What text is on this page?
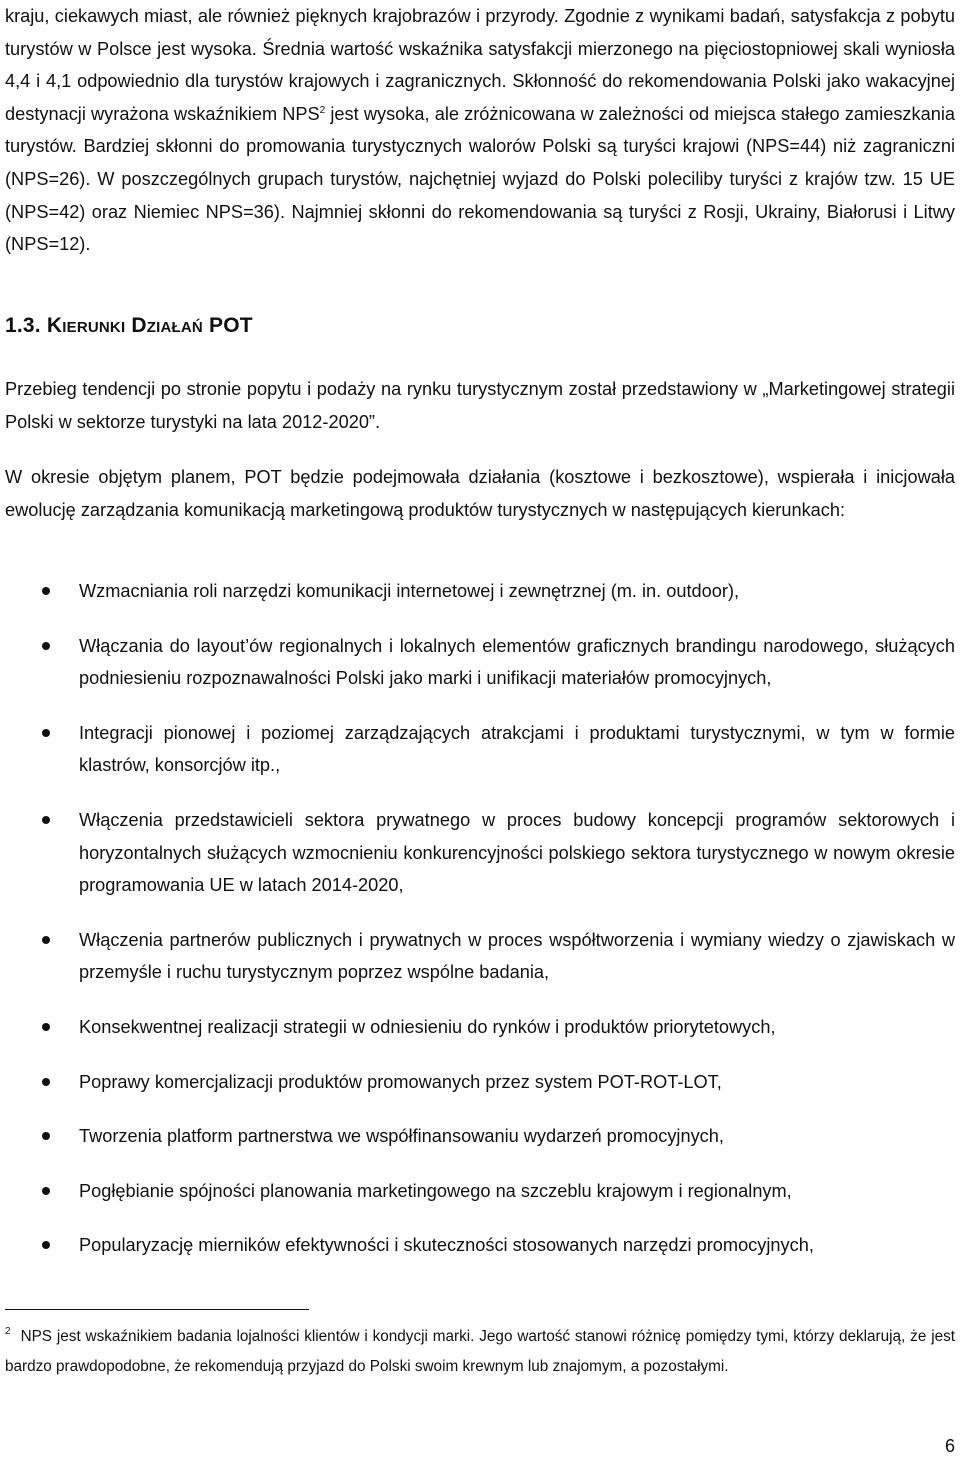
kraju, ciekawych miast, ale również pięknych krajobrazów i przyrody. Zgodnie z wynikami badań, satysfakcja z pobytu turystów w Polsce jest wysoka. Średnia wartość wskaźnika satysfakcji mierzonego na pięciostopniowej skali wyniosła 4,4 i 4,1 odpowiednio dla turystów krajowych i zagranicznych. Skłonność do rekomendowania Polski jako wakacyjnej destynacji wyrażona wskaźnikiem NPS$^2$ jest wysoka, ale zróżnicowana w zależności od miejsca stałego zamieszkania turystów. Bardziej skłonni do promowania turystycznych walorów Polski są turyści krajowi (NPS=44) niż zagraniczni (NPS=26). W poszczególnych grupach turystów, najchętniej wyjazd do Polski poleciliby turyści z krajów tzw. 15 UE (NPS=42) oraz Niemiec NPS=36). Najmniej skłonni do rekomendowania są turyści z Rosji, Ukrainy, Białorusi i Litwy (NPS=12).

1.3. KIERUNKI DZIAŁAŃ POT

Przebieg tendencji po stronie popytu i podaży na rynku turystycznym został przedstawiony w „Marketingowej strategii Polski w sektorze turystyki na lata 2012-2020”.

W okresie objętym planem, POT będzie podejmowała działania (kosztowe i bezkosztowe), wspierała i inicjowała ewolucję zarządzania komunikacją marketingową produktów turystycznych w następujących kierunkach:

Wzmacniania roli narzędzi komunikacji internetowej i zewnętrznej (m. in. outdoor),
Włączania do layout’ów regionalnych i lokalnych elementów graficznych brandingu narodowego, służących podniesieniu rozpoznawalności Polski jako marki i unifikacji materiałów promocyjnych,
Integracji pionowej i poziomej zarządzających atrakcjami i produktami turystycznymi, w tym w formie klastrów, konsorcjów itp.,
Włączenia przedstawicieli sektora prywatnego w proces budowy koncepcji programów sektorowych i horyzontalnych służących wzmocnieniu konkurencyjności polskiego sektora turystycznego w nowym okresie programowania UE w latach 2014-2020,
Włączenia partnerów publicznych i prywatnych w proces współtworzenia i wymiany wiedzy o zjawiskach w przemyśle i ruchu turystycznym poprzez wspólne badania,
Konsekwentnej realizacji strategii w odniesieniu do rynków i produktów priorytetowych,
Poprawy komercjalizacji produktów promowanych przez system POT-ROT-LOT,
Tworzenia platform partnerstwa we współfinansowaniu wydarzeń promocyjnych,
Pogłębianie spójności planowania marketingowego na szczeblu krajowym i regionalnym,
Popularyzację mierników efektywności i skuteczności stosowanych narzędzi promocyjnych,

$^2$ NPS jest wskaźnikiem badania lojalności klientów i kondycji marki. Jego wartość stanowi różnicę pomiędzy tymi, którzy deklarują, że jest bardzo prawdopodobne, że rekomendują przyjazd do Polski swoim krewnym lub znajomym, a pozostałymi.

6
